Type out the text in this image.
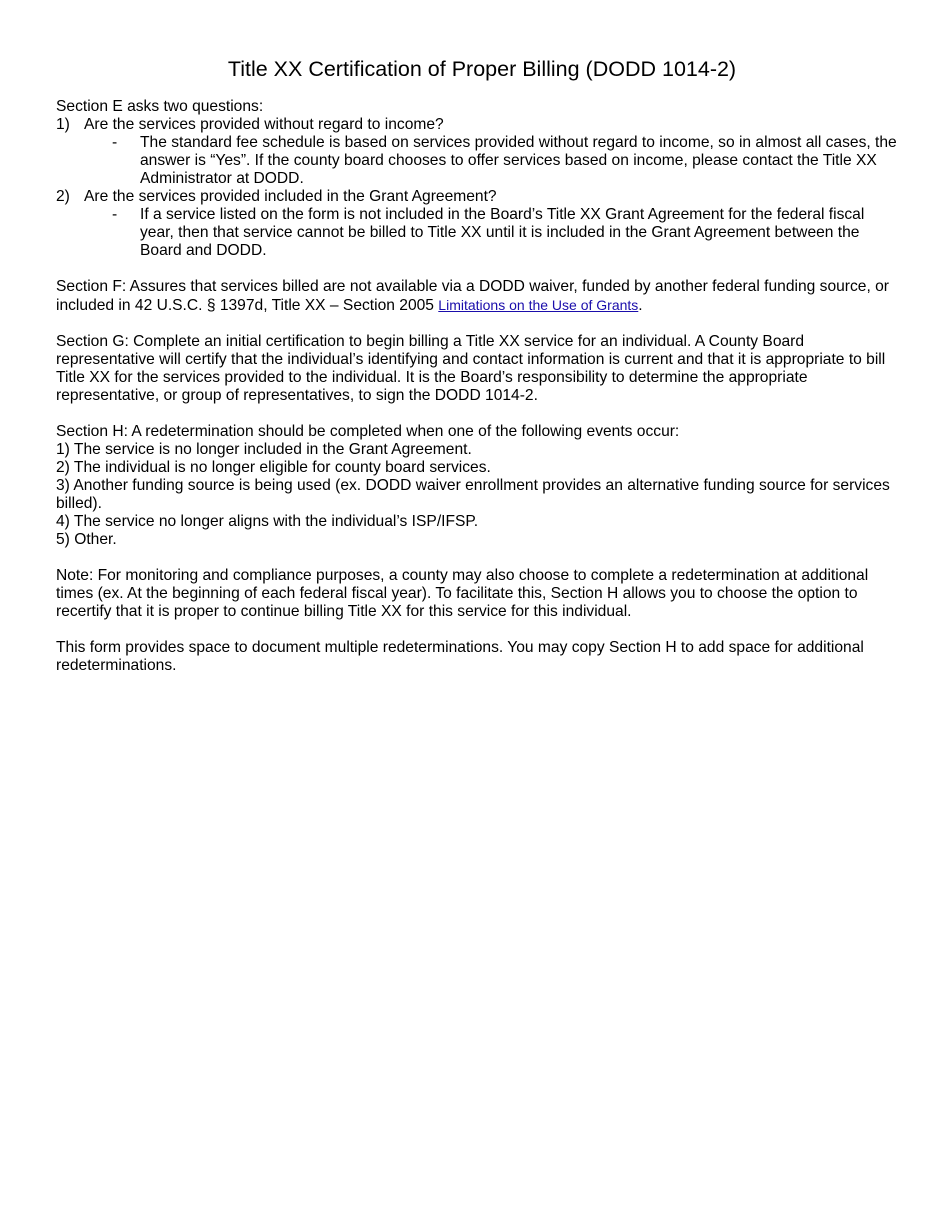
Title XX Certification of Proper Billing (DODD 1014-2)

Section E asks two questions:

1) Are the services provided without regard to income?
-	The standard fee schedule is based on services provided without regard to income, so in almost all cases, the answer is “Yes”. If the county board chooses to offer services based on income, please contact the Title XX Administrator at DODD.
2) Are the services provided included in the Grant Agreement?
-	If a service listed on the form is not included in the Board’s Title XX Grant Agreement for the federal fiscal year, then that service cannot be billed to Title XX until it is included in the Grant Agreement between the Board and DODD.

Section F: Assures that services billed are not available via a DODD waiver, funded by another federal funding source, or included in 42 U.S.C. § 1397d, Title XX – Section 2005 Limitations on the Use of Grants.

Section G: Complete an initial certification to begin billing a Title XX service for an individual. A County Board representative will certify that the individual’s identifying and contact information is current and that it is appropriate to bill Title XX for the services provided to the individual. It is the Board’s responsibility to determine the appropriate representative, or group of representatives, to sign the DODD 1014-2.

Section H: A redetermination should be completed when one of the following events occur:

1) The service is no longer included in the Grant Agreement.

2) The individual is no longer eligible for county board services.

3) Another funding source is being used (ex. DODD waiver enrollment provides an alternative funding source for services billed).

4) The service no longer aligns with the individual’s ISP/IFSP.

5) Other.

Note: For monitoring and compliance purposes, a county may also choose to complete a redetermination at additional times (ex. At the beginning of each federal fiscal year). To facilitate this, Section H allows you to choose the option to recertify that it is proper to continue billing Title XX for this service for this individual.

This form provides space to document multiple redeterminations. You may copy Section H to add space for additional redeterminations.
